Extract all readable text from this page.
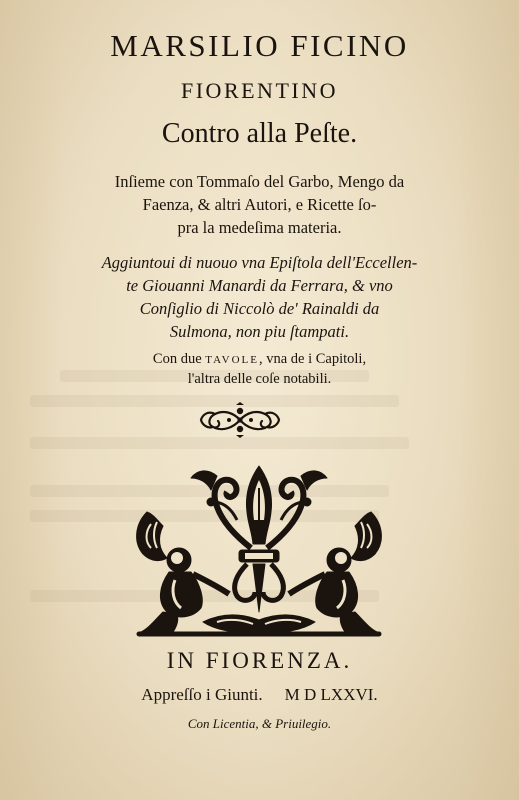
MARSILIO FICINO
FIORENTINO
Contro alla Peſte.
Inſieme con Tommaſo del Garbo, Mengo da
Faenza, & altri Autori, e Ricette ſo-
pra la medeſima materia.
Aggiuntoui di nuouo vna Epiſtola dell'Eccellen-
te Giouanni Manardi da Ferrara, & vno
Conſiglio di Niccolò de' Rainaldi da
Sulmona, non piu ſtampati.
Con due TAVOLE, vna de i Capitoli,
l'altra delle coſe notabili.
IN FIORENZA.
Appreſſo i Giunti. M D LXXVI.
Con Licentia, & Priuilegio.
